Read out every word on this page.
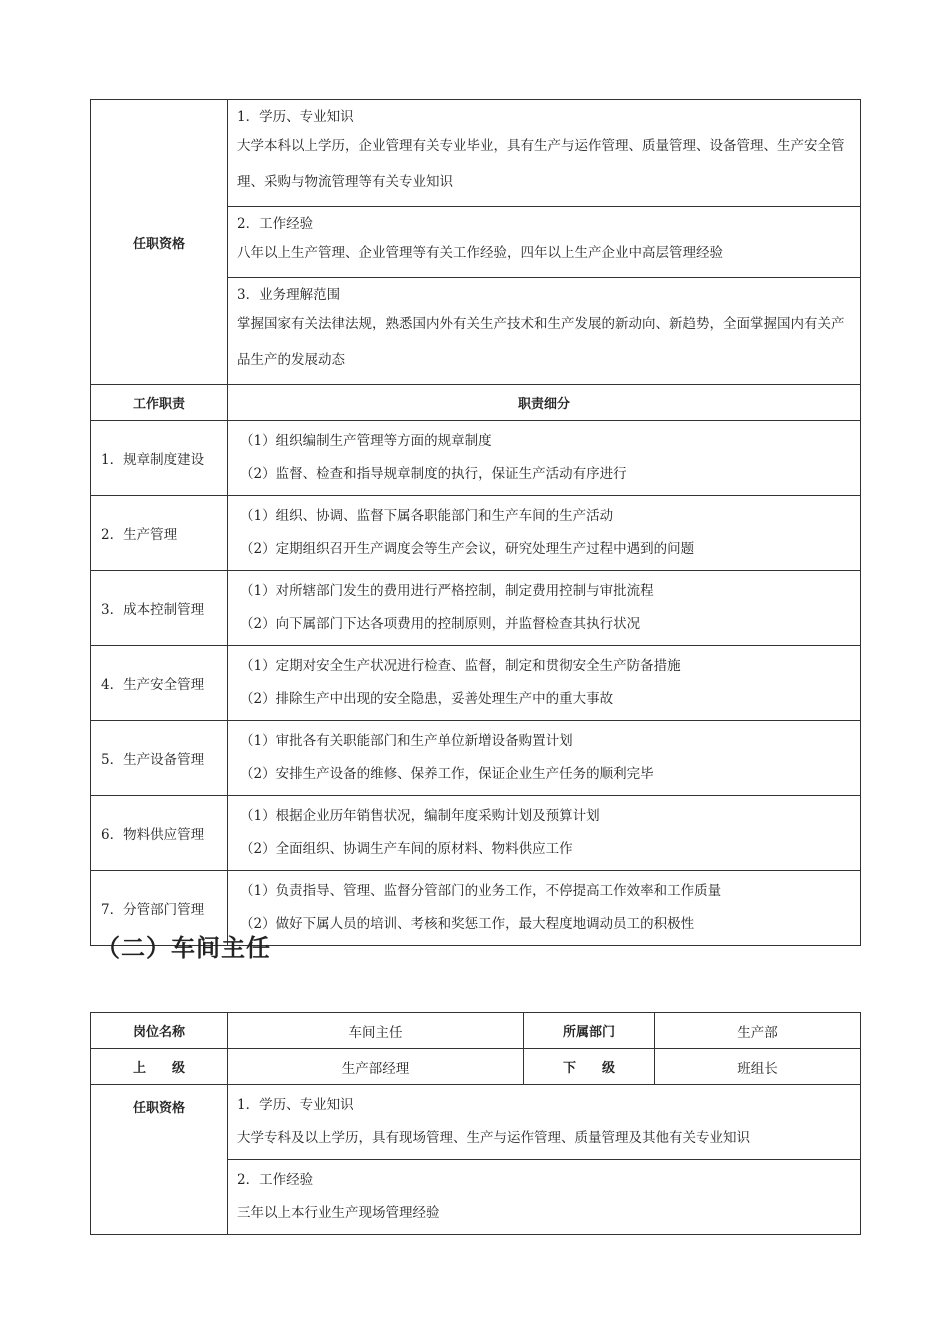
任职资格	1．学历、专业知识
大学本科以上学历，企业管理有关专业毕业，具有生产与运作管理、质量管理、设备管理、生产安全管理、采购与物流管理等有关专业知识

	2．工作经验
八年以上生产管理、企业管理等有关工作经验，四年以上生产企业中高层管理经验

	3．业务理解范围
掌握国家有关法律法规，熟悉国内外有关生产技术和生产发展的新动向、新趋势，全面掌握国内有关产品生产的发展动态

工作职责	职责细分
1．规章制度建设	（1）组织编制生产管理等方面的规章制度
（2）监督、检查和指导规章制度的执行，保证生产活动有序进行

2．生产管理	（1）组织、协调、监督下属各职能部门和生产车间的生产活动
（2）定期组织召开生产调度会等生产会议，研究处理生产过程中遇到的问题

3．成本控制管理	（1）对所辖部门发生的费用进行严格控制，制定费用控制与审批流程
（2）向下属部门下达各项费用的控制原则，并监督检查其执行状况

4．生产安全管理	（1）定期对安全生产状况进行检查、监督，制定和贯彻安全生产防备措施
（2）排除生产中出现的安全隐患，妥善处理生产中的重大事故

5．生产设备管理	（1）审批各有关职能部门和生产单位新增设备购置计划
（2）安排生产设备的维修、保养工作，保证企业生产任务的顺利完毕

6．物料供应管理	（1）根据企业历年销售状况，编制年度采购计划及预算计划
（2）全面组织、协调生产车间的原材料、物料供应工作

7．分管部门管理	（1）负责指导、管理、监督分管部门的业务工作，不停提高工作效率和工作质量
（2）做好下属人员的培训、考核和奖惩工作，最大程度地调动员工的积极性
（二）车间主任
岗位名称	车间主任	所属部门	生产部
上　　级	生产部经理	下　　级	班组长
任职资格	1．学历、专业知识
大学专科及以上学历，具有现场管理、生产与运作管理、质量管理及其他有关专业知识		

	2．工作经验
三年以上本行业生产现场管理经验		
